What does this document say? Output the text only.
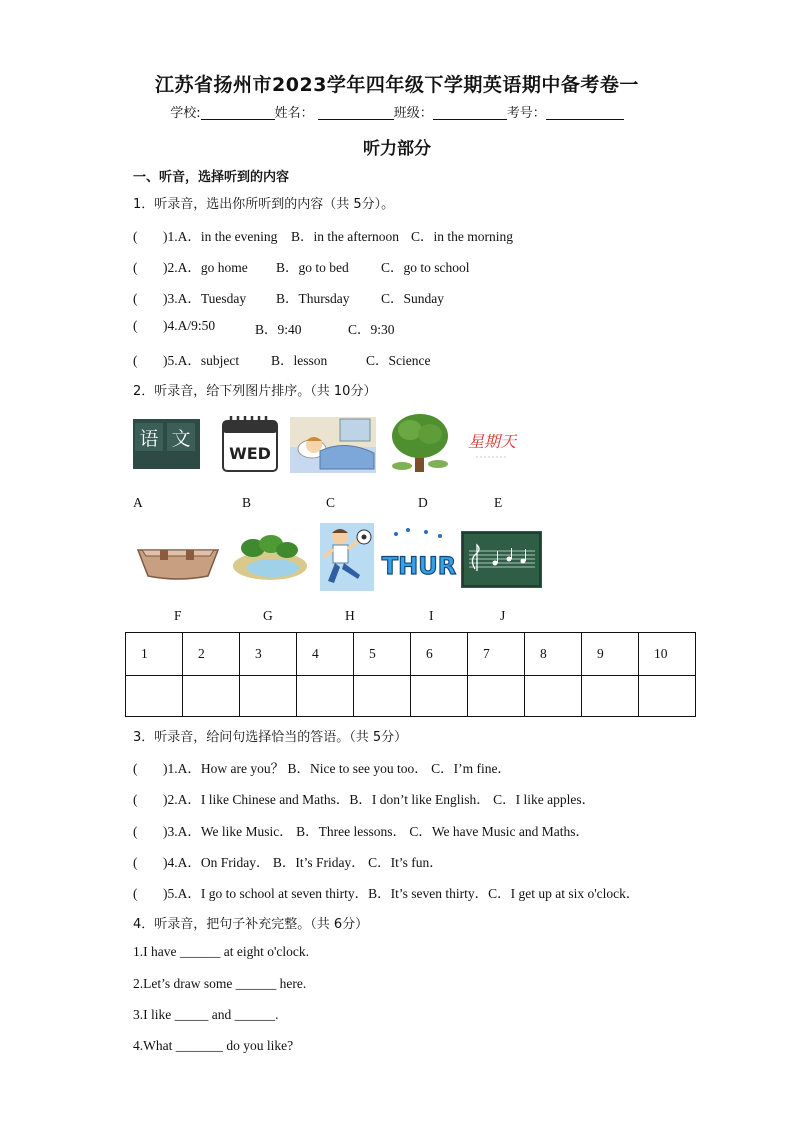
江苏省扬州市2023学年四年级下学期英语期中备考卷一
学校:	姓名：	班级：	考号：
听力部分
一、听音，选择听到的内容
1．听录音，选出你所听到的内容（共 5分）。
( )1.A．in the evening B．in the afternoon C．in the morning
( )2.A．go home B．go to bed C．go to school
( )3.A．Tuesday B．Thursday C．Sunday
( )4.A/9:50	B．9:40	C．9:30
( )5.A．subject B．lesson	C．Science
2．听录音，给下列图片排序。（共 10分）
语 文
WED
星期天
A	B	C	D	E
THUR
F	G	H	I	J
1	2	3	4	5	6	7	8	9	10

3．听录音，给问句选择恰当的答语。（共 5分）
( )1.A．How are you？ B．Nice to see you too． C．I’m fine．
( )2.A．I like Chinese and Maths．B．I don’t like English． C．I like apples．
( )3.A．We like Music． B．Three lessons． C．We have Music and Maths．
( )4.A．On Friday． B．It’s Friday． C．It’s fun．
( )5.A．I go to school at seven thirty．B．It’s seven thirty．C．I get up at six o'clock．
4．听录音，把句子补充完整。（共 6分）
1.I have ______ at eight o'clock.
2.Let’s draw some ______ here.
3.I like _____ and ______.
4.What _______ do you like?
